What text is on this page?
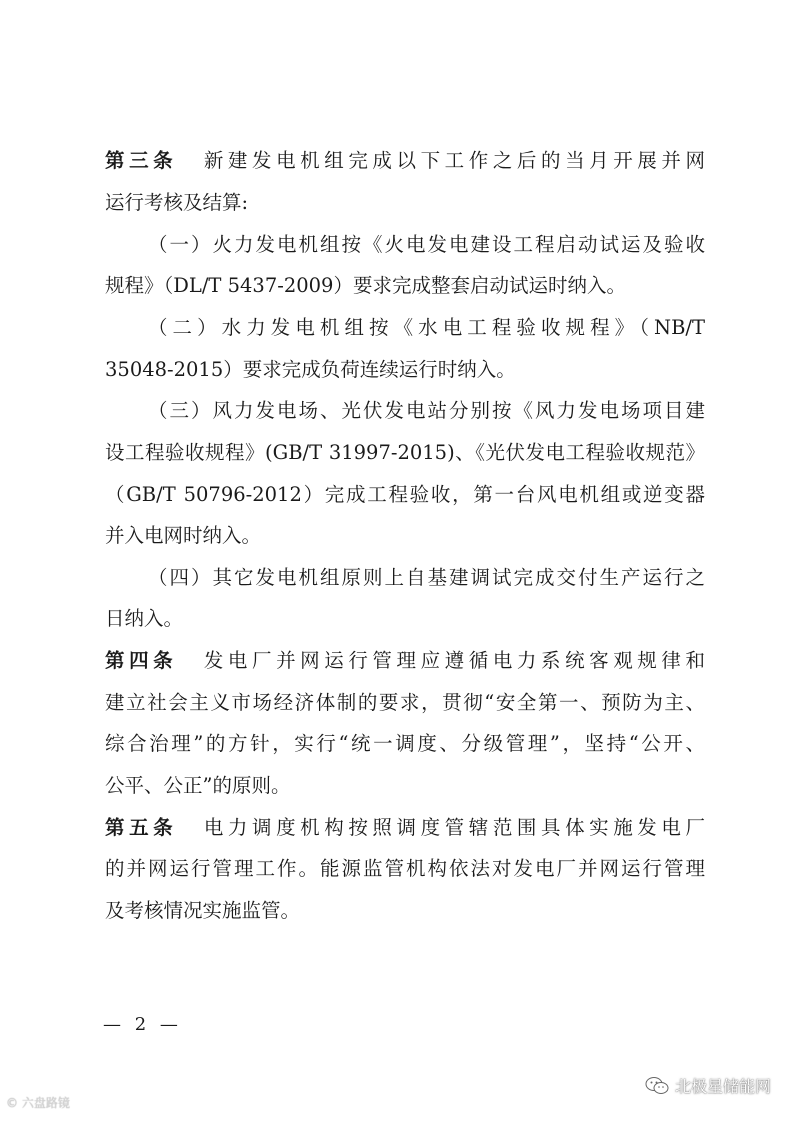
第三条 新建发电机组完成以下工作之后的当月开展并网
运行考核及结算:
（一）火力发电机组按《火电发电建设工程启动试运及验收
规程》（DL/T 5437-2009）要求完成整套启动试运时纳入。
（二）水力发电机组按《水电工程验收规程》（NB/T
35048-2015）要求完成负荷连续运行时纳入。
（三）风力发电场、光伏发电站分别按《风力发电场项目建
设工程验收规程》(GB/T 31997-2015)、《光伏发电工程验收规范》
（GB/T 50796-2012）完成工程验收，第一台风电机组或逆变器
并入电网时纳入。
（四）其它发电机组原则上自基建调试完成交付生产运行之
日纳入。
第四条 发电厂并网运行管理应遵循电力系统客观规律和
建立社会主义市场经济体制的要求，贯彻“安全第一、预防为主、
综合治理”的方针，实行“统一调度、分级管理”，坚持“公开、
公平、公正”的原则。
第五条 电力调度机构按照调度管辖范围具体实施发电厂
的并网运行管理工作。能源监管机构依法对发电厂并网运行管理
及考核情况实施监管。
— 2 —
© 六盘路镜
北极星储能网
